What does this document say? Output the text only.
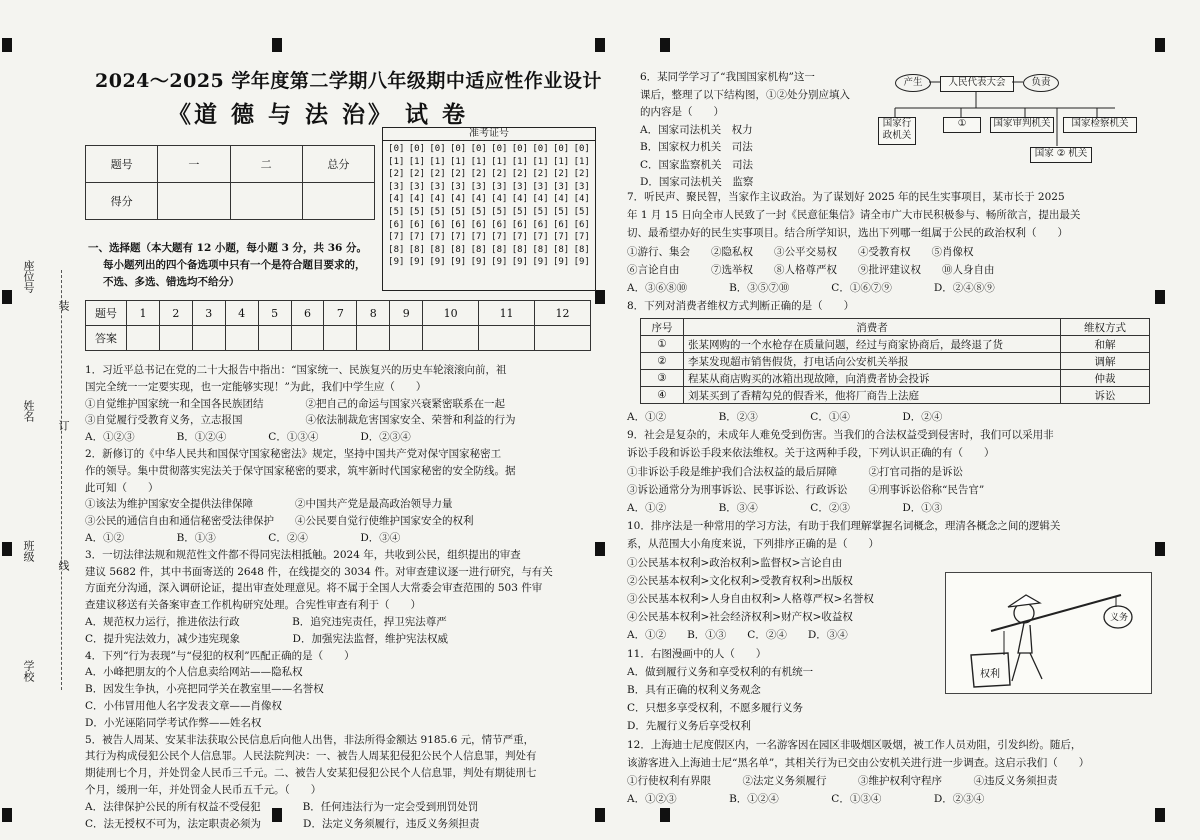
座位号
装
姓名
订
班级
线
学校
2024～2025 学年度第二学期八年级期中适应性作业设计
《道 德 与 法 治》 试 卷
题号	一	二	总分
得分			
准考证号
[0] [0] [0] [0] [0] [0] [0] [0] [0] [0]
[1] [1] [1] [1] [1] [1] [1] [1] [1] [1]
[2] [2] [2] [2] [2] [2] [2] [2] [2] [2]
[3] [3] [3] [3] [3] [3] [3] [3] [3] [3]
[4] [4] [4] [4] [4] [4] [4] [4] [4] [4]
[5] [5] [5] [5] [5] [5] [5] [5] [5] [5]
[6] [6] [6] [6] [6] [6] [6] [6] [6] [6]
[7] [7] [7] [7] [7] [7] [7] [7] [7] [7]
[8] [8] [8] [8] [8] [8] [8] [8] [8] [8]
[9] [9] [9] [9] [9] [9] [9] [9] [9] [9]
一、选择题（本大题有 12 小题，每小题 3 分，共 36 分。
每小题列出的四个备选项中只有一个是符合题目要求的，
不选、多选、错选均不给分）
题号	1	2	3	4	5	6	7	8	9	10	11	12
答案												
1．习近平总书记在党的二十大报告中指出：“国家统一、民族复兴的历史车轮滚滚向前，祖
国完全统一一定要实现，也一定能够实现！”为此，我们中学生应（　　）
①自觉维护国家统一和全国各民族团结　　　　②把自己的命运与国家兴衰紧密联系在一起
③自觉履行受教育义务，立志报国　　　　　　④依法制裁危害国家安全、荣誉和利益的行为
A．①②③　　　　B．①②④　　　　C．①③④　　　　D．②③④
2．新修订的《中华人民共和国保守国家秘密法》规定，坚持中国共产党对保守国家秘密工
作的领导。集中贯彻落实宪法关于保守国家秘密的要求，筑牢新时代国家秘密的安全防线。据
此可知（　　）
①该法为维护国家安全提供法律保障　　　　②中国共产党是最高政治领导力量
③公民的通信自由和通信秘密受法律保护　　④公民要自觉行使维护国家安全的权利
A．①②　　　　　B．①③　　　　　C．②④　　　　　D．③④
3．一切法律法规和规范性文件都不得同宪法相抵触。2024 年，共收到公民，组织提出的审查
建议 5682 件，其中书面寄送的 2648 件，在线提交的 3034 件。对审查建议逐一进行研究，与有关
方面充分沟通，深入调研论证，提出审查处理意见。将不属于全国人大常委会审查范围的 503 件审
查建议移送有关备案审查工作机构研究处理。合宪性审查有利于（　　）
A．规范权力运行，推进依法行政　　　　　B．追究违宪责任，捍卫宪法尊严
C．提升宪法效力，减少违宪现象　　　　　D．加强宪法监督，维护宪法权威
4．下列“行为表现”与“侵犯的权利”匹配正确的是（　　）
A．小峰把朋友的个人信息卖给网站——隐私权
B．因发生争执，小亮把同学关在教室里——名誉权
C．小伟冒用他人名字发表文章——肖像权
D．小光诬陷同学考试作弊——姓名权
5．被告人周某、安某非法获取公民信息后向他人出售，非法所得金额达 9185.6 元，情节严重，
其行为构成侵犯公民个人信息罪。人民法院判决：一、被告人周某犯侵犯公民个人信息罪，判处有
期徒刑七个月，并处罚金人民币三千元。二、被告人安某犯侵犯公民个人信息罪，判处有期徒刑七
个月，缓刑一年，并处罚金人民币五千元。（　　）
A．法律保护公民的所有权益不受侵犯　　　　B．任何违法行为一定会受到刑罚处罚
C．法无授权不可为，法定职责必须为　　　　D．法定义务须履行，违反义务须担责
6．某同学学习了“我国国家机构”这一
课后，整理了以下结构图，①②处分别应填入
的内容是（　　）
A．国家司法机关　权力
B．国家权力机关　司法
C．国家监察机关　司法
D．国家司法机关　监察
人民代表大会
产生	负责
国家行政机关
①	国家审判机关	国家检察机关
国家 ② 机关
7．听民声、聚民智，当家作主议政治。为了谋划好 2025 年的民生实事项目，某市长于 2025
年 1 月 15 日向全市人民致了一封《民意征集信》请全市广大市民积极参与、畅所欲言，提出最关
切、最希望办好的民生实事项目。结合所学知识，选出下列哪一组属于公民的政治权利（　　）
①游行、集会　　②隐私权　　③公平交易权　　④受教育权　　⑤肖像权
⑥言论自由　　　⑦选举权　　⑧人格尊严权　　⑨批评建议权　　⑩人身自由
A．③⑥⑧⑩　　　　B．③⑤⑦⑩　　　　C．①⑥⑦⑨　　　　D．②④⑧⑨
8．下列对消费者维权方式判断正确的是（　　）
序号	消费者	维权方式
①	张某网购的一个水枪存在质量问题，经过与商家协商后，最终退了货	和解
②	李某发现超市销售假货，打电话向公安机关举报	调解
③	程某从商店购买的冰箱出现故障，向消费者协会投诉	仲裁
④	刘某买到了香精勾兑的假香米，他将厂商告上法庭	诉讼
A．①②　　　　　B．②③　　　　　C．①④　　　　　D．②④
9．社会是复杂的，未成年人难免受到伤害。当我们的合法权益受到侵害时，我们可以采用非
诉讼手段和诉讼手段来依法维权。关于这两种手段，下列认识正确的有（　　）
①非诉讼手段是维护我们合法权益的最后屏障　　　②打官司指的是诉讼
③诉讼通常分为刑事诉讼、民事诉讼、行政诉讼　　④刑事诉讼俗称“民告官”
A．①②　　　　　B．③④　　　　　C．②③　　　　　D．①③
10．排序法是一种常用的学习方法，有助于我们理解掌握名词概念，理清各概念之间的逻辑关
系，从范围大小角度来说，下列排序正确的是（　　）
①公民基本权利>政治权利>监督权>言论自由
②公民基本权利>文化权利>受教育权利>出版权
③公民基本权利>人身自由权利>人格尊严权>名誉权
④公民基本权利>社会经济权利>财产权>收益权
A．①②　　B．①③　　C．②④　　D．③④
11．右图漫画中的人（　　）
A．做到履行义务和享受权利的有机统一
B．具有正确的权利义务观念
C．只想多享受权利，不愿多履行义务
D．先履行义务后享受权利
12．上海迪士尼度假区内，一名游客因在园区非吸烟区吸烟，被工作人员劝阻，引发纠纷。随后，
该游客进入上海迪士尼“黑名单”，其相关行为已交由公安机关进行进一步调查。这启示我们（　　）
①行使权利有界限　　　②法定义务须履行　　　③维护权利守程序　　　④违反义务须担责
A．①②③　　　　　B．①②④　　　　　C．①③④　　　　　D．②③④
权利
义务
